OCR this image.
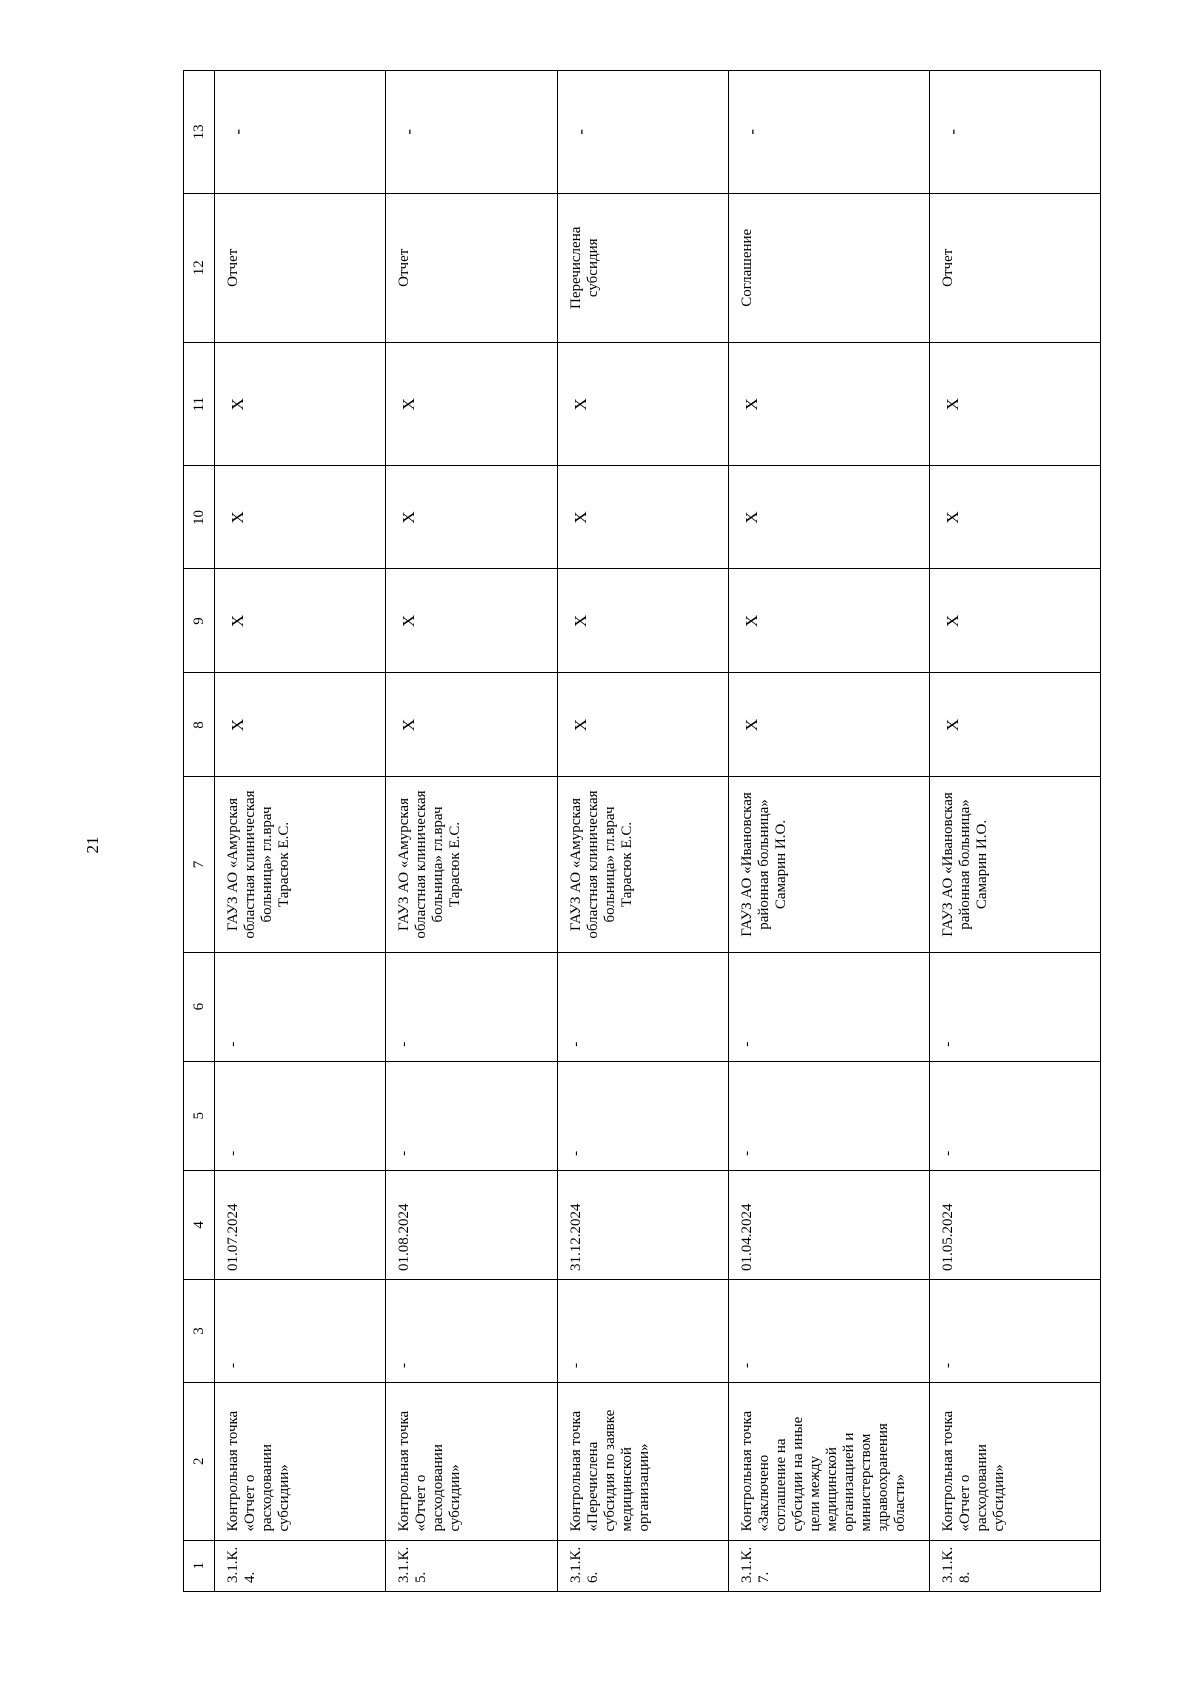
21
1	2	3	4	5	6	7	8	9	10	11	12	13
3.1.К. 4.	Контрольная точка «Отчет о расходовании субсидии»	-	01.07.2024	-	-	ГАУЗ АО «Амурская областная клиническая больница» гл.врач Тарасюк Е.С.	X	X	X	X	Отчет	-
3.1.К. 5.	Контрольная точка «Отчет о расходовании субсидии»	-	01.08.2024	-	-	ГАУЗ АО «Амурская областная клиническая больница» гл.врач Тарасюк Е.С.	X	X	X	X	Отчет	-
3.1.К. 6.	Контрольная точка «Перечислена субсидия по заявке медицинской организации»	-	31.12.2024	-	-	ГАУЗ АО «Амурская областная клиническая больница» гл.врач Тарасюк Е.С.	X	X	X	X	Перечислена субсидия	-
3.1.К. 7.	Контрольная точка «Заключено соглашение на субсидии на иные цели между медицинской организацией и министерством здравоохранения области»	-	01.04.2024	-	-	ГАУЗ АО «Ивановская районная больница» Самарин И.О.	X	X	X	X	Соглашение	-
3.1.К. 8.	Контрольная точка «Отчет о расходовании субсидии»	-	01.05.2024	-	-	ГАУЗ АО «Ивановская районная больница» Самарин И.О.	X	X	X	X	Отчет	-
